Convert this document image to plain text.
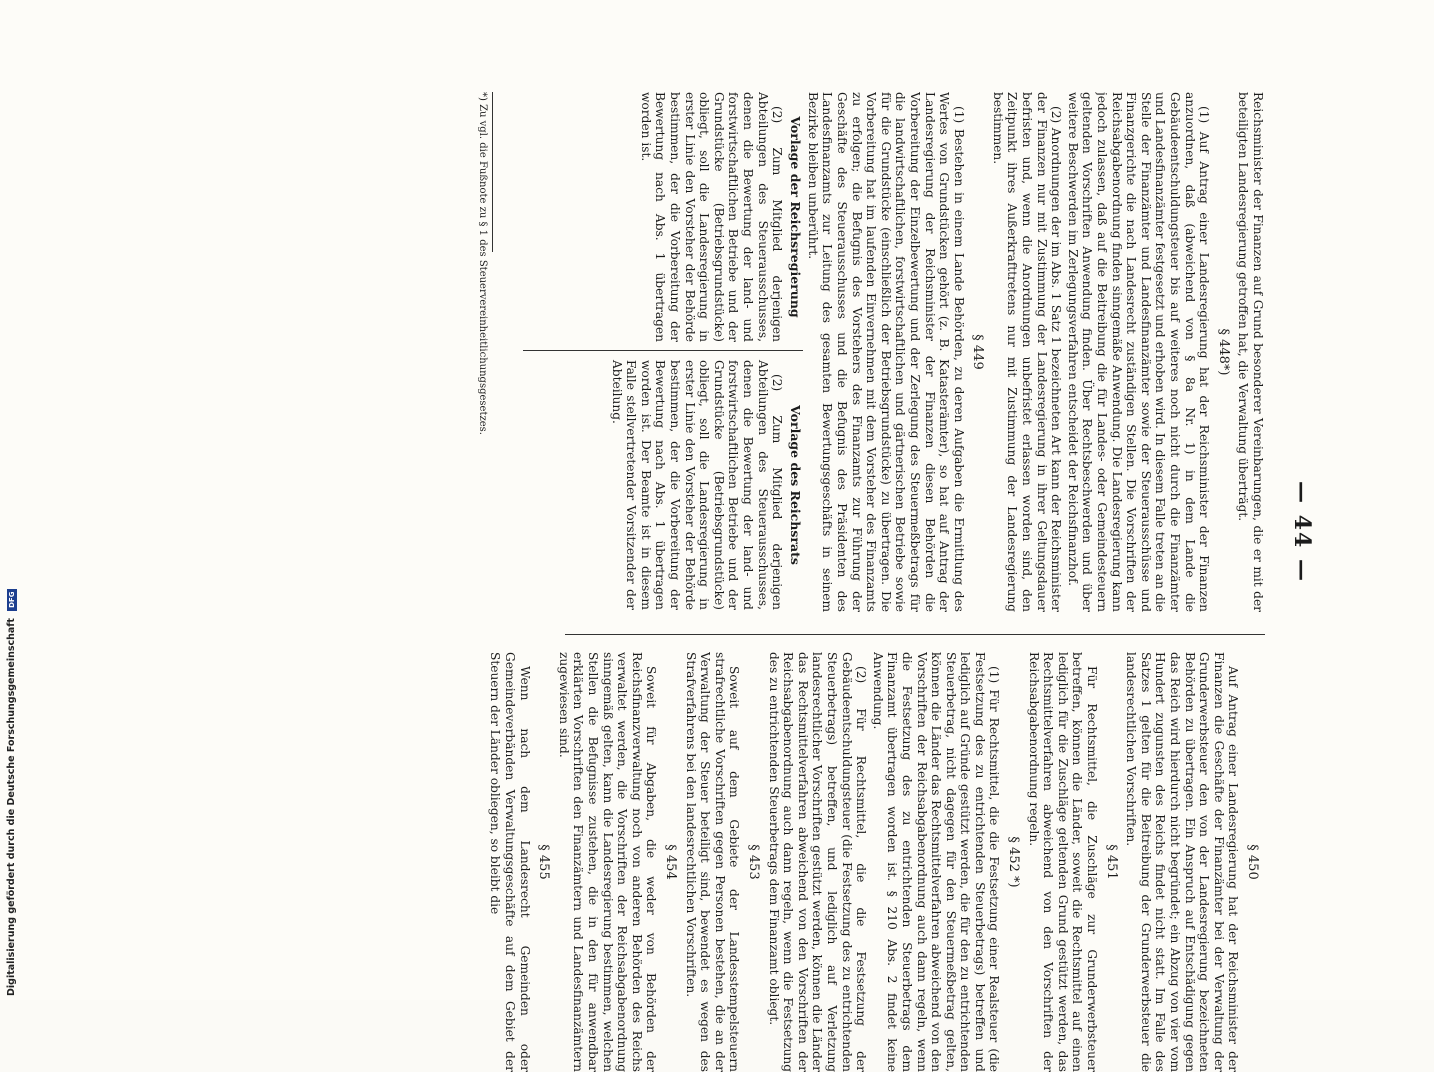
— 44 —

Reichsminister der Finanzen auf Grund besonderer Vereinbarungen, die er mit der beteiligten Landesregierung getroffen hat, die Verwaltung überträgt.

§ 448*)

(1) Auf Antrag einer Landesregierung hat der Reichsminister der Finanzen anzuordnen, daß (abweichend von § 8a Nr. 1) in dem Lande die Gebäudeentschuldungsteuer bis auf weiteres noch nicht durch die Finanzämter und Landesfinanzämter festgesetzt und erhoben wird. In diesem Falle treten an die Stelle der Finanzämter und Landesfinanzämter sowie der Steuerausschüsse und Finanzgerichte die nach Landesrecht zuständigen Stellen. Die Vorschriften der Reichsabgabenordnung finden sinngemäße Anwendung. Die Landesregierung kann jedoch zulassen, daß auf die Beitreibung die für Landes- oder Gemeindesteuern geltenden Vorschriften Anwendung finden. Über Rechtsbeschwerden und über weitere Beschwerden im Zerlegungsverfahren entscheidet der Reichsfinanzhof.

(2) Anordnungen der im Abs. 1 Satz 1 bezeichneten Art kann der Reichsminister der Finanzen nur mit Zustimmung der Landesregierung in ihrer Geltungsdauer befristen und, wenn die Anordnungen unbefristet erlassen worden sind, den Zeitpunkt ihres Außerkrafttretens nur mit Zustimmung der Landesregierung bestimmen.

§ 449

(1) Bestehen in einem Lande Behörden, zu deren Aufgaben die Ermittlung des Wertes von Grundstücken gehört (z. B. Katasterämter), so hat auf Antrag der Landesregierung der Reichsminister der Finanzen diesen Behörden die Vorbereitung der Einzelbewertung und der Zerlegung des Steuermeßbetrags für die landwirtschaftlichen, forstwirtschaftlichen und gärtnerischen Betriebe sowie für die Grundstücke (einschließlich der Betriebsgrundstücke) zu übertragen. Die Vorbereitung hat im laufenden Einvernehmen mit dem Vorsteher des Finanzamts zu erfolgen; die Befugnis des Vorstehers des Finanzamts zur Führung der Geschäfte des Steuerausschusses und die Befugnis des Präsidenten des Landesfinanzamts zur Leitung des gesamten Bewertungsgeschäfts in seinem Bezirke bleiben unberührt.

Vorlage der Reichsregierung

(2) Zum Mitglied derjenigen Abteilungen des Steuerausschusses, denen die Bewertung der land- und forstwirtschaftlichen Betriebe und der Grundstücke (Betriebsgrundstücke) obliegt, soll die Landesregierung in erster Linie den Vorsteher der Behörde bestimmen, der die Vorbereitung der Bewertung nach Abs. 1 übertragen worden ist.

Vorlage des Reichsrats

(2) Zum Mitglied derjenigen Abteilungen des Steuerausschusses, denen die Bewertung der land- und forstwirtschaftlichen Betriebe und der Grundstücke (Betriebsgrundstücke) obliegt, soll die Landesregierung in erster Linie den Vorsteher der Behörde bestimmen, der die Vorbereitung der Bewertung nach Abs. 1 übertragen worden ist. Der Beamte ist in diesem Falle stellvertretender Vorsitzender der Abteilung.

*) Zu vgl. die Fußnote zu § 1 des Steuervereinheitlichungsgesetzes.

§ 450

Auf Antrag einer Landesregierung hat der Reichsminister der Finanzen die Geschäfte der Finanzämter bei der Verwaltung der Grunderwerbsteuer den von der Landesregierung bezeichneten Behörden zu übertragen. Ein Anspruch auf Entschädigung gegen das Reich wird hierdurch nicht begründet; ein Abzug von vier vom Hundert zugunsten des Reichs findet nicht statt. Im Falle des Satzes 1 gelten für die Beitreibung der Grunderwerbsteuer die landesrechtlichen Vorschriften.

§ 451

Für Rechtsmittel, die Zuschläge zur Grunderwerbsteuer betreffen, können die Länder, soweit die Rechtsmittel auf einen lediglich für die Zuschläge geltenden Grund gestützt werden, das Rechtsmittelverfahren abweichend von den Vorschriften der Reichsabgabenordnung regeln.

§ 452 *)

(1) Für Rechtsmittel, die die Festsetzung einer Realsteuer (die Festsetzung des zu entrichtenden Steuerbetrags) betreffen und lediglich auf Gründe gestützt werden, die für den zu entrichtenden Steuerbetrag, nicht dagegen für den Steuermeßbetrag gelten, können die Länder das Rechtsmittelverfahren abweichend von den Vorschriften der Reichsabgabenordnung auch dann regeln, wenn die Festsetzung des zu entrichtenden Steuerbetrags dem Finanzamt übertragen worden ist. § 210 Abs. 2 findet keine Anwendung.

(2) Für Rechtsmittel, die die Festsetzung der Gebäudeentschuldungsteuer (die Festsetzung des zu entrichtenden Steuerbetrags) betreffen, und lediglich auf Verletzung landesrechtlicher Vorschriften gestützt werden, können die Länder das Rechtsmittelverfahren abweichend von den Vorschriften der Reichsabgabenordnung auch dann regeln, wenn die Festsetzung des zu entrichtenden Steuerbetrags dem Finanzamt obliegt.

§ 453

Soweit auf dem Gebiete der Landesstempelsteuern strafrechtliche Vorschriften gegen Personen bestehen, die an der Verwaltung der Steuer beteiligt sind, bewendet es wegen des Strafverfahrens bei den landesrechtlichen Vorschriften.

§ 454

Soweit für Abgaben, die weder von Behörden der Reichsfinanzverwaltung noch von anderen Behörden des Reichs verwaltet werden, die Vorschriften der Reichsabgabenordnung sinngemäß gelten, kann die Landesregierung bestimmen, welchen Stellen die Befugnisse zustehen, die in den für anwendbar erklärten Vorschriften den Finanzämtern und Landesfinanzämtern zugewiesen sind.

§ 455

Wenn nach dem Landesrecht Gemeinden oder Gemeindeverbänden Verwaltungsgeschäfte auf dem Gebiet der Steuern der Länder obliegen, so bleibt die

Digitalisierung gefördert durch die Deutsche Forschungsgemeinschaft DFG
